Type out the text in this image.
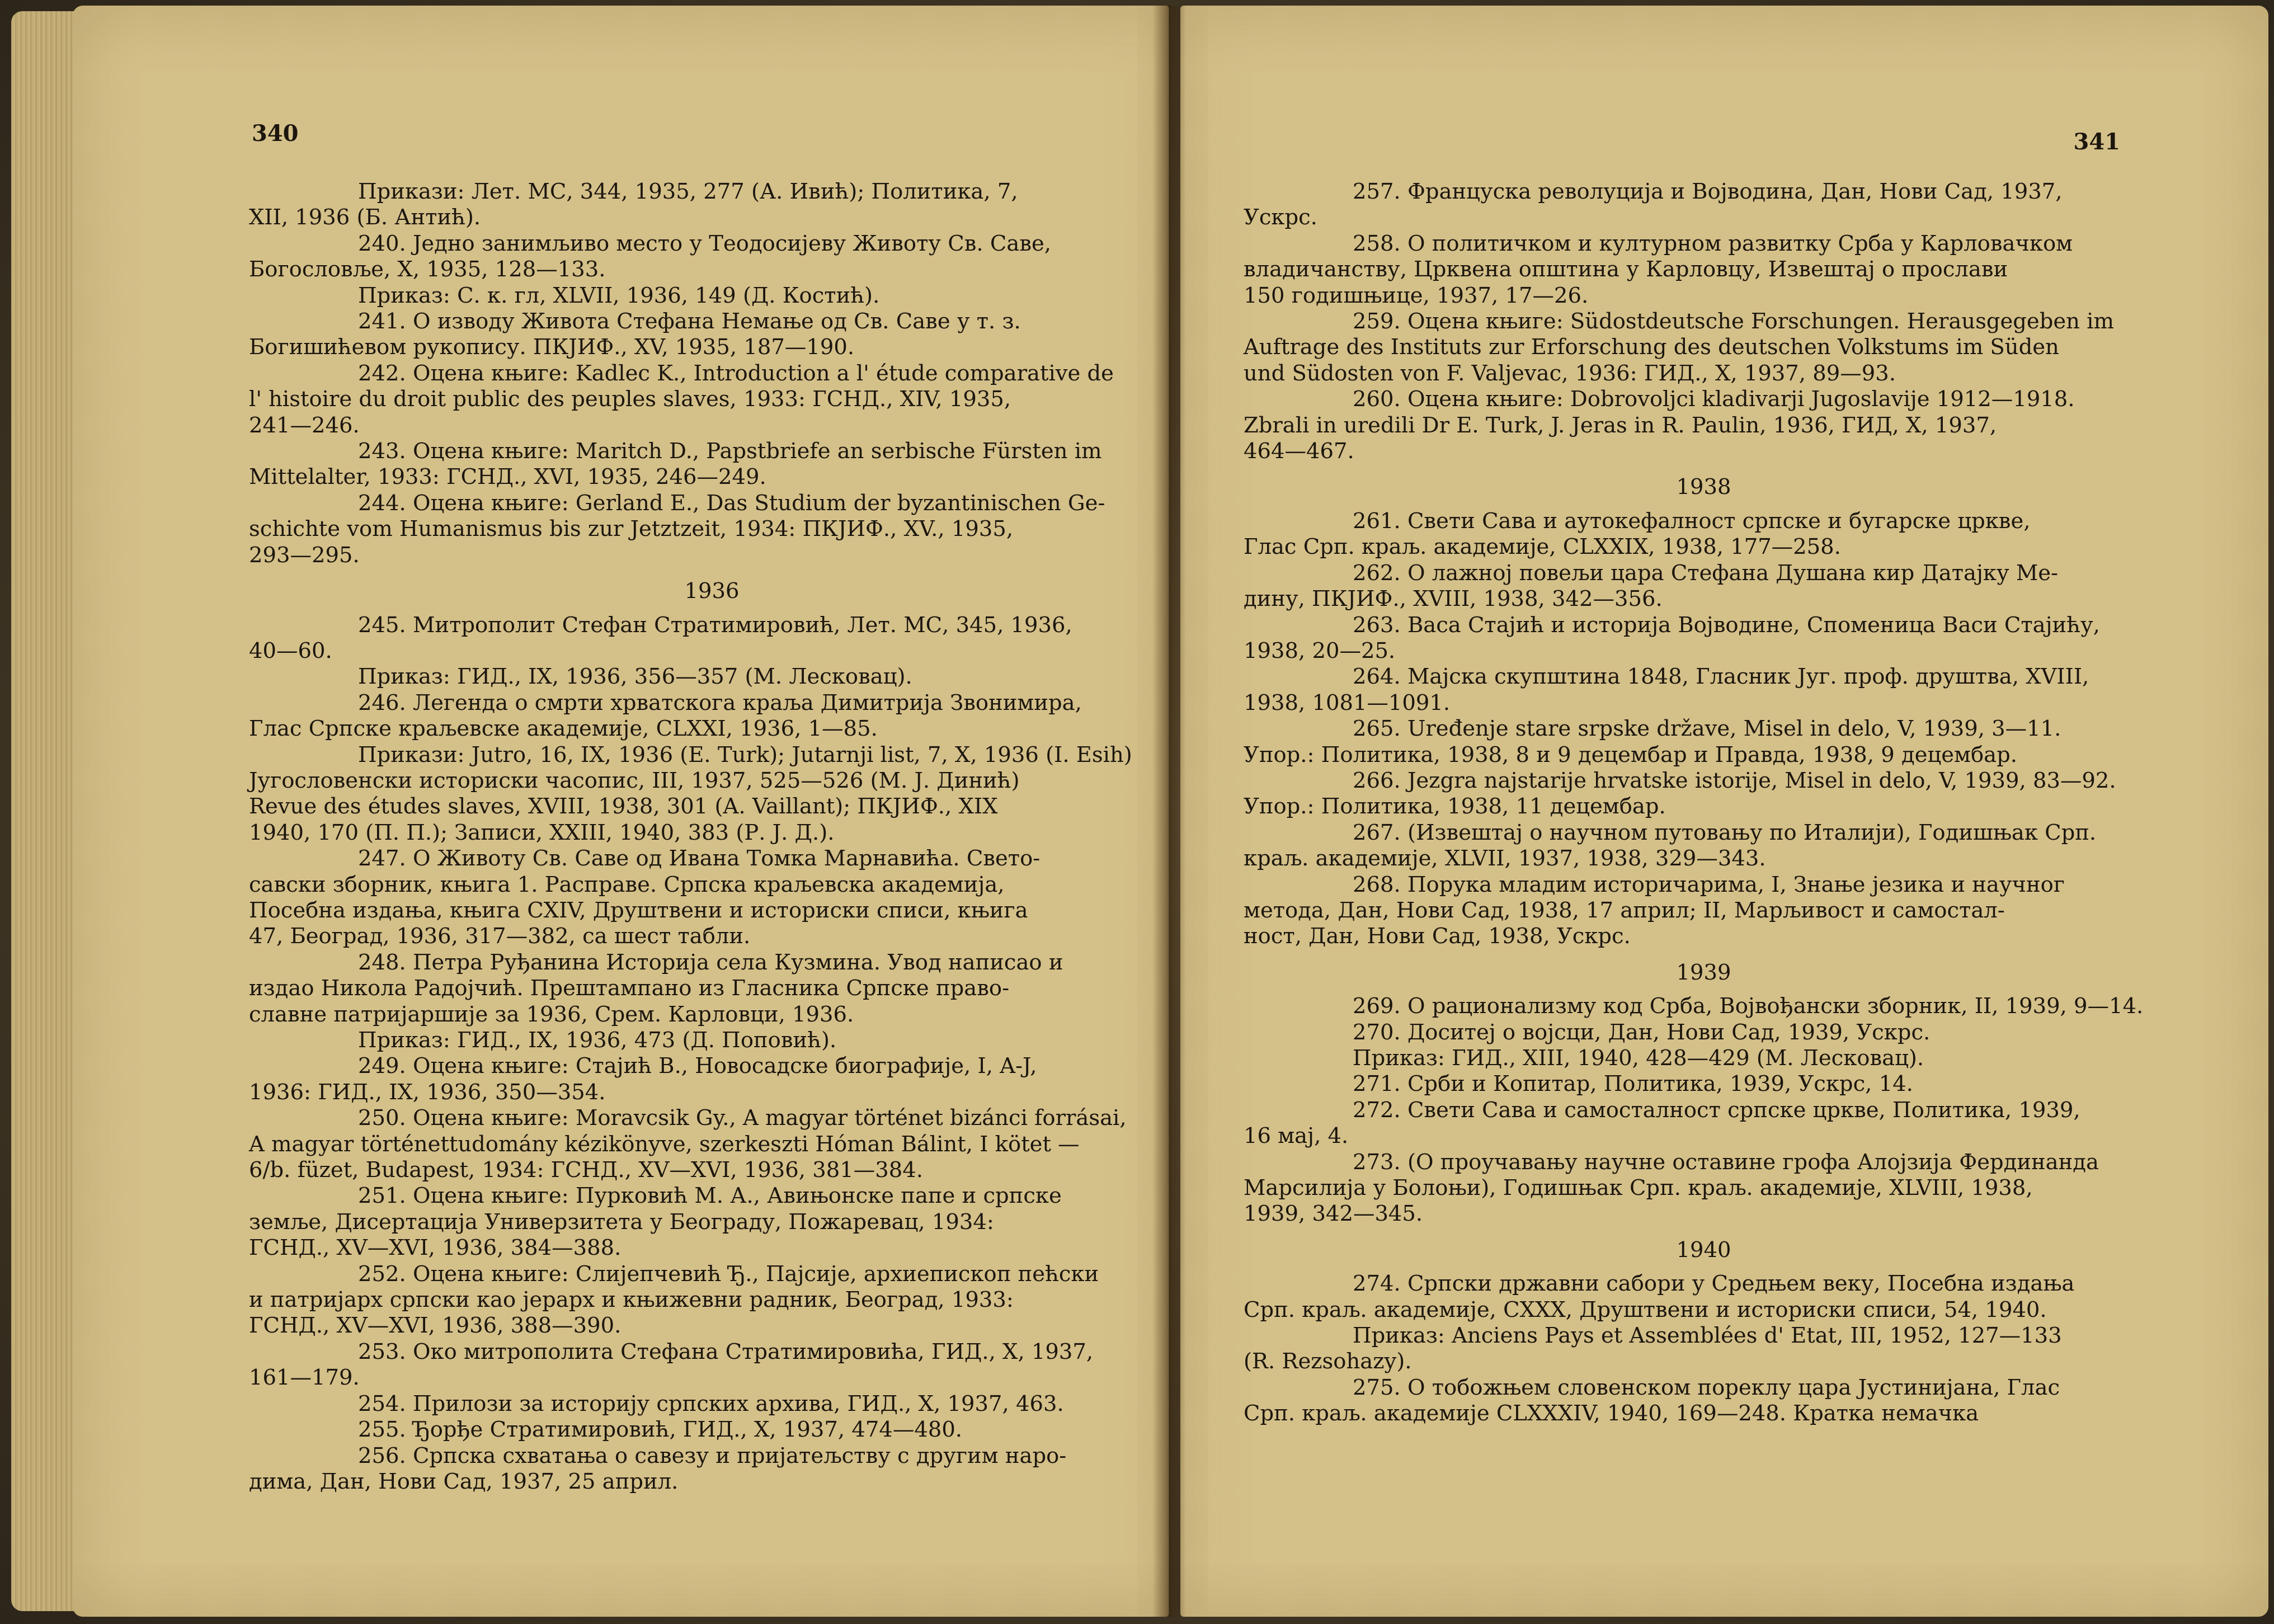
340
Прикази: Лет. МС, 344, 1935, 277 (А. Ивић); Политика, 7,
XII, 1936 (Б. Антић).
240. Једно занимљиво место у Теодосијеву Животу Св. Саве,
Богословље, X, 1935, 128—133.
Приказ: С. к. гл, XLVII, 1936, 149 (Д. Костић).
241. О изводу Живота Стефана Немање од Св. Саве у т. з.
Богишићевом рукопису. ПКЈИФ., XV, 1935, 187—190.
242. Оцена књиге: Kadlec K., Introduction a l' étude comparative de
l' histoire du droit public des peuples slaves, 1933: ГСНД., XIV, 1935,
241—246.
243. Оцена књиге: Maritch D., Papstbriefe an serbische Fürsten im
Mittelalter, 1933: ГСНД., XVI, 1935, 246—249.
244. Оцена књиге: Gerland E., Das Studium der byzantinischen Ge-
schichte vom Humanismus bis zur Jetztzeit, 1934: ПКЈИФ., XV., 1935,
293—295.
1936
245. Митрополит Стефан Стратимировић, Лет. МС, 345, 1936,
40—60.
Приказ: ГИД., IX, 1936, 356—357 (М. Лесковац).
246. Легенда о смрти хрватскога краља Димитрија Звонимира,
Глас Српске краљевске академије, CLXXI, 1936, 1—85.
Прикази: Jutro, 16, IX, 1936 (E. Turk); Jutarnji list, 7, X, 1936 (I. Esih)
Југословенски историски часопис, III, 1937, 525—526 (М. Ј. Динић)
Revue des études slaves, XVIII, 1938, 301 (A. Vaillant); ПКЈИФ., XIX
1940, 170 (П. П.); Записи, XXIII, 1940, 383 (Р. Ј. Д.).
247. О Животу Св. Саве од Ивана Томка Марнавића. Свето-
савски зборник, књига 1. Расправе. Српска краљевска академија,
Посебна издања, књига CXIV, Друштвени и историски списи, књига
47, Београд, 1936, 317—382, са шест табли.
248. Петра Руђанина Историја села Кузмина. Увод написао и
издао Никола Радојчић. Прештампано из Гласника Српске право-
славне патријаршије за 1936, Срем. Карловци, 1936.
Приказ: ГИД., IX, 1936, 473 (Д. Поповић).
249. Оцена књиге: Стајић В., Новосадске биографије, I, A-J,
1936: ГИД., IX, 1936, 350—354.
250. Оцена књиге: Moravcsik Gy., A magyar történet bizánci forrásai,
A magyar történettudomány kézikönyve, szerkeszti Hóman Bálint, I kötet —
6/b. füzet, Budapest, 1934: ГСНД., XV—XVI, 1936, 381—384.
251. Оцена књиге: Пурковић М. А., Авињонске папе и српске
земље, Дисертација Универзитета у Београду, Пожаревац, 1934:
ГСНД., XV—XVI, 1936, 384—388.
252. Оцена књиге: Слијепчевић Ђ., Пајсије, архиепископ пећски
и патријарх српски као јерарх и књижевни радник, Београд, 1933:
ГСНД., XV—XVI, 1936, 388—390.
253. Око митрополита Стефана Стратимировића, ГИД., X, 1937,
161—179.
254. Прилози за историју српских архива, ГИД., X, 1937, 463.
255. Ђорђе Стратимировић, ГИД., X, 1937, 474—480.
256. Српска схватања о савезу и пријатељству с другим наро-
дима, Дан, Нови Сад, 1937, 25 април.
341
257. Француска револуција и Војводина, Дан, Нови Сад, 1937,
Ускрс.
258. О политичком и културном развитку Срба у Карловачком
владичанству, Црквена општина у Карловцу, Извештај о прослави
150 годишњице, 1937, 17—26.
259. Оцена књиге: Südostdeutsche Forschungen. Herausgegeben im
Auftrage des Instituts zur Erforschung des deutschen Volkstums im Süden
und Südosten von F. Valjevac, 1936: ГИД., X, 1937, 89—93.
260. Оцена књиге: Dobrovoljci kladivarji Jugoslavije 1912—1918.
Zbrali in uredili Dr E. Turk, J. Jeras in R. Paulin, 1936, ГИД, X, 1937,
464—467.
1938
261. Свети Сава и аутокефалност српске и бугарске цркве,
Глас Срп. краљ. академије, CLXXIX, 1938, 177—258.
262. О лажној повељи цара Стефана Душана кир Датајку Ме-
дину, ПКЈИФ., XVIII, 1938, 342—356.
263. Васа Стајић и историја Војводине, Споменица Васи Стајићу,
1938, 20—25.
264. Мајска скупштина 1848, Гласник Југ. проф. друштва, XVIII,
1938, 1081—1091.
265. Uređenje stare srpske države, Misel in delo, V, 1939, 3—11.
Упор.: Политика, 1938, 8 и 9 децембар и Правда, 1938, 9 децембар.
266. Jezgra najstarije hrvatske istorije, Misel in delo, V, 1939, 83—92.
Упор.: Политика, 1938, 11 децембар.
267. (Извештај о научном путовању по Италији), Годишњак Срп.
краљ. академије, XLVII, 1937, 1938, 329—343.
268. Порука младим историчарима, I, Знање језика и научног
метода, Дан, Нови Сад, 1938, 17 април; II, Марљивост и самостал-
ност, Дан, Нови Сад, 1938, Ускрс.
1939
269. О рационализму код Срба, Војвођански зборник, II, 1939, 9—14.
270. Доситеј о војсци, Дан, Нови Сад, 1939, Ускрс.
Приказ: ГИД., XIII, 1940, 428—429 (М. Лесковац).
271. Срби и Копитар, Политика, 1939, Ускрс, 14.
272. Свети Сава и самосталност српске цркве, Политика, 1939,
16 мај, 4.
273. (О проучавању научне оставине грофа Алојзија Фердинанда
Марсилија у Болоњи), Годишњак Срп. краљ. академије, XLVIII, 1938,
1939, 342—345.
1940
274. Српски државни сабори у Средњем веку, Посебна издања
Срп. краљ. академије, CXXX, Друштвени и историски списи, 54, 1940.
Приказ: Anciens Pays et Assemblées d' Etat, III, 1952, 127—133
(R. Rezsohazy).
275. О тобожњем словенском пореклу цара Јустинијана, Глас
Срп. краљ. академије CLXXXIV, 1940, 169—248. Кратка немачка
